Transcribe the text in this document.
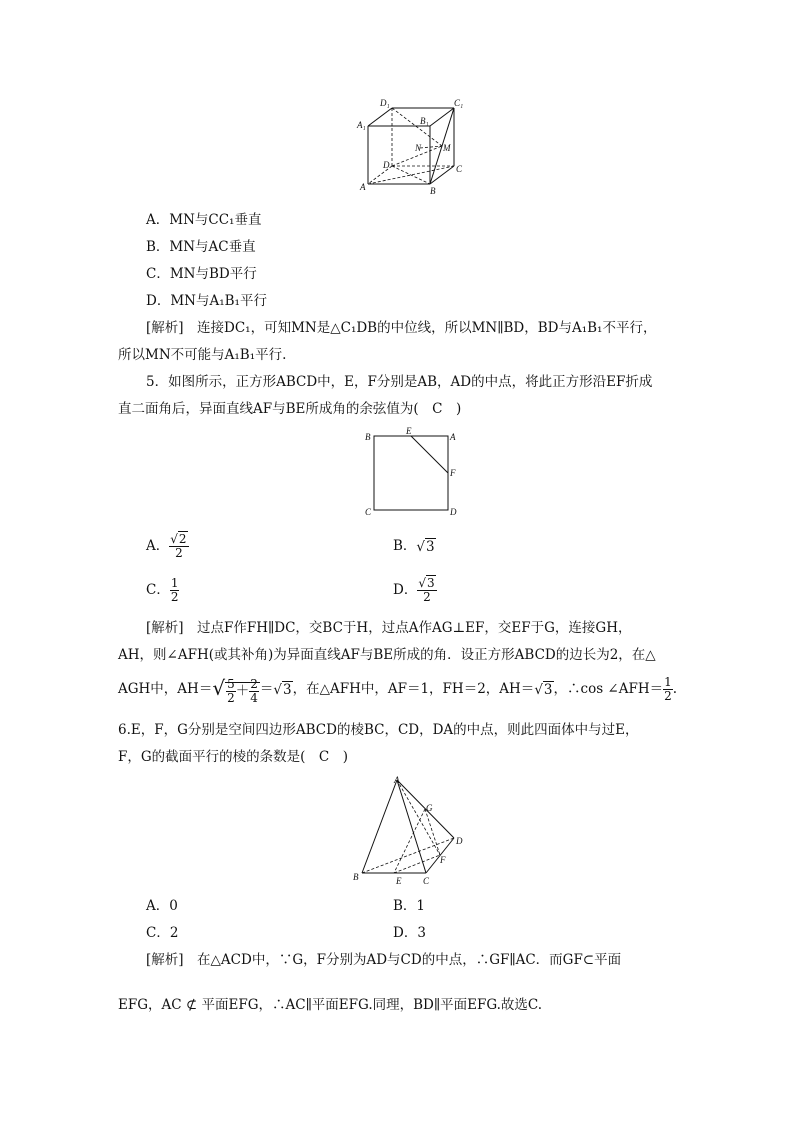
D₁	C₁
A₁	B₁
N M
D	C
A	B
A．MN与CC₁垂直
B．MN与AC垂直
C．MN与BD平行
D．MN与A₁B₁平行
[解析]　连接DC₁，可知MN是△C₁DB的中位线，所以MN∥BD，BD与A₁B₁不平行，
所以MN不可能与A₁B₁平行.
5．如图所示，正方形ABCD中，E，F分别是AB，AD的中点，将此正方形沿EF折成
直二面角后，异面直线AF与BE所成角的余弦值为(　C　)
B
E
A
F
C	D
A． $\frac{√2}{2}$	B．√3
C． $\frac{1}{2}$	D． $\frac{√3}{2}$
[解析]　过点F作FH∥DC，交BC于H，过点A作AG⊥EF，交EF于G，连接GH，
AH，则∠AFH(或其补角)为异面直线AF与BE所成的角．设正方形ABCD的边长为2，在△
AGH中，$AH=√ \frac{5}{2} + \frac{2}{4} =√3$，在△AFH中，AF＝1，FH＝2，AH＝√3，∴cos ∠AFH＝ $\frac{1}{2}$ .
6.E，F，G分别是空间四边形ABCD的棱BC，CD，DA的中点，则此四面体中与过E，
F，G的截面平行的棱的条数是(　C　)
A
G
D
F
B	E C
A．0	B．1
C．2	D．3
[解析]　在△ACD中，∵G，F分别为AD与CD的中点，∴GF∥AC．而GF⊂平面
EFG，AC ⊄ 平面EFG，∴AC∥平面EFG.同理，BD∥平面EFG.故选C.
